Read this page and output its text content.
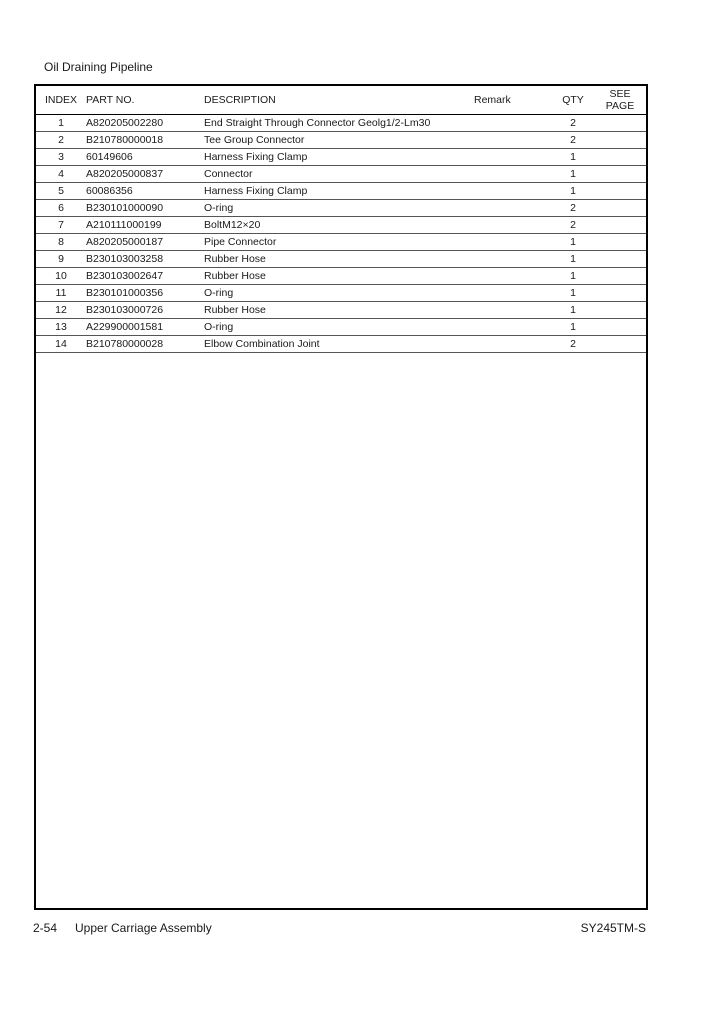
Oil Draining Pipeline
INDEX	PART NO.	DESCRIPTION	Remark	QTY	SEE
PAGE
1	A820205002280	End Straight Through Connector Geolg1/2-Lm30		2	
2	B210780000018	Tee Group Connector		2	
3	60149606	Harness Fixing Clamp		1	
4	A820205000837	Connector		1	
5	60086356	Harness Fixing Clamp		1	
6	B230101000090	O-ring		2	
7	A210111000199	BoltM12×20		2	
8	A820205000187	Pipe Connector		1	
9	B230103003258	Rubber Hose		1	
10	B230103002647	Rubber Hose		1	
11	B230101000356	O-ring		1	
12	B230103000726	Rubber Hose		1	
13	A229900001581	O-ring		1	
14	B210780000028	Elbow Combination Joint		2	
2-54 Upper Carriage Assembly	SY245TM-S
